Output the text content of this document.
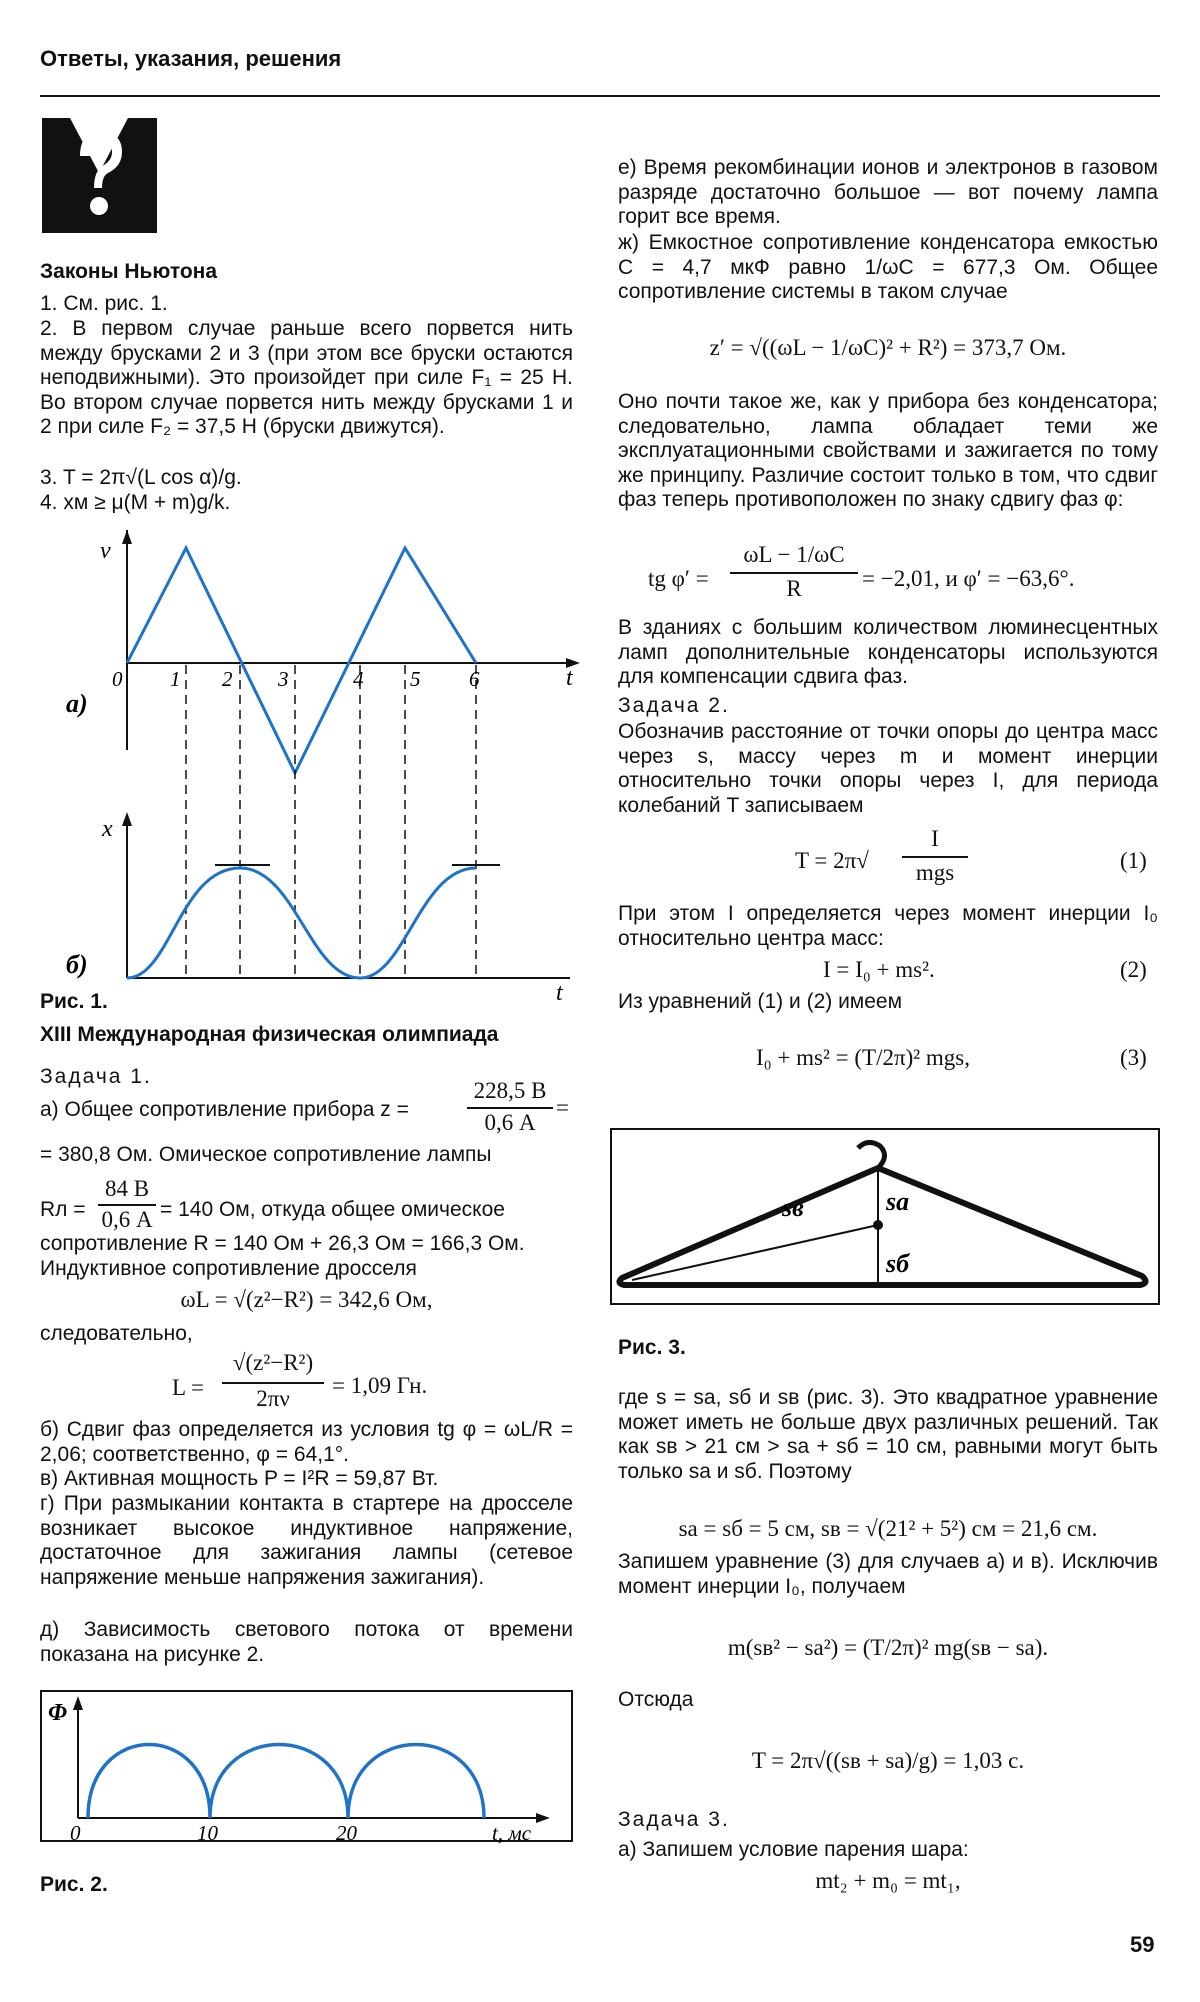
Ответы, указания, решения
Законы Ньютона
1. См. рис. 1.
2. В первом случае раньше всего порвется нить между брусками 2 и 3 (при этом все бруски остаются неподвижными). Это произойдет при силе F₁ = 25 Н. Во втором случае порвется нить между брусками 1 и 2 при силе F₂ = 37,5 Н (бруски движутся).
3. T = 2π√(L cos α)/g.
4. xм ≥ μ(M + m)g/k.
v
x
t
t
а)
б)
0 1 2 3	4 5 6
Рис. 1.
XIII Международная физическая олимпиада
Задача 1.
а) Общее сопротивление прибора z =
228,5 В
0,6 А
=
= 380,8 Ом. Омическое сопротивление лампы
Rл =
84 В
0,6 А = 140 Ом, откуда общее омическое
сопротивление R = 140 Ом + 26,3 Ом = 166,3 Ом.
Индуктивное сопротивление дросселя
ωL = √(z²−R²) = 342,6 Ом,
следовательно,
L =
√(z²−R²)
2πν
= 1,09 Гн.
б) Сдвиг фаз определяется из условия tg φ = ωL/R = 2,06; соответственно, φ = 64,1°.
в) Активная мощность P = I²R = 59,87 Вт.
г) При размыкании контакта в стартере на дросселе возникает высокое индуктивное напряжение, достаточное для зажигания лампы (сетевое напряжение меньше напряжения зажигания).
д) Зависимость светового потока от времени показана на рисунке 2.
Φ
0	10	20	t, мс
Рис. 2.
е) Время рекомбинации ионов и электронов в газовом разряде достаточно большое — вот почему лампа горит все время.
ж) Емкостное сопротивление конденсатора емкостью C = 4,7 мкФ равно 1/ωC = 677,3 Ом. Общее сопротивление системы в таком случае
z′ = √((ωL − 1/ωC)² + R²) = 373,7 Ом.
Оно почти такое же, как у прибора без конденсатора; следовательно, лампа обладает теми же эксплуатационными свойствами и зажигается по тому же принципу. Различие состоит только в том, что сдвиг фаз теперь противоположен по знаку сдвигу фаз φ:
tg φ′ =
ωL − 1/ωC
R	= −2,01, и φ′ = −63,6°.
В зданиях с большим количеством люминесцентных ламп дополнительные конденсаторы используются для компенсации сдвига фаз.
Задача 2.
Обозначив расстояние от точки опоры до центра масс через s, массу через m и момент инерции относительно точки опоры через I, для периода колебаний T записываем
T = 2π√
I
mgs	(1)
При этом I определяется через момент инерции I₀ относительно центра масс:
I = I₀ + ms².	(2)
Из уравнений (1) и (2) имеем
I₀ + ms² = (T/2π)² mgs,	(3)
sа
sб
sв
Рис. 3.
где s = sа, sб и sв (рис. 3). Это квадратное уравнение может иметь не больше двух различных решений. Так как sв > 21 см > sа + sб = 10 см, равными могут быть только sа и sб. Поэтому
sа = sб = 5 см, sв = √(21² + 5²) см = 21,6 см.
Запишем уравнение (3) для случаев а) и в). Исключив момент инерции I₀, получаем
m(sв² − sа²) = (T/2π)² mg(sв − sа).
Отсюда
T = 2π√((sв + sа)/g) = 1,03 с.
Задача 3.
а) Запишем условие парения шара:
mt₂ + m₀ = mt₁,
59
